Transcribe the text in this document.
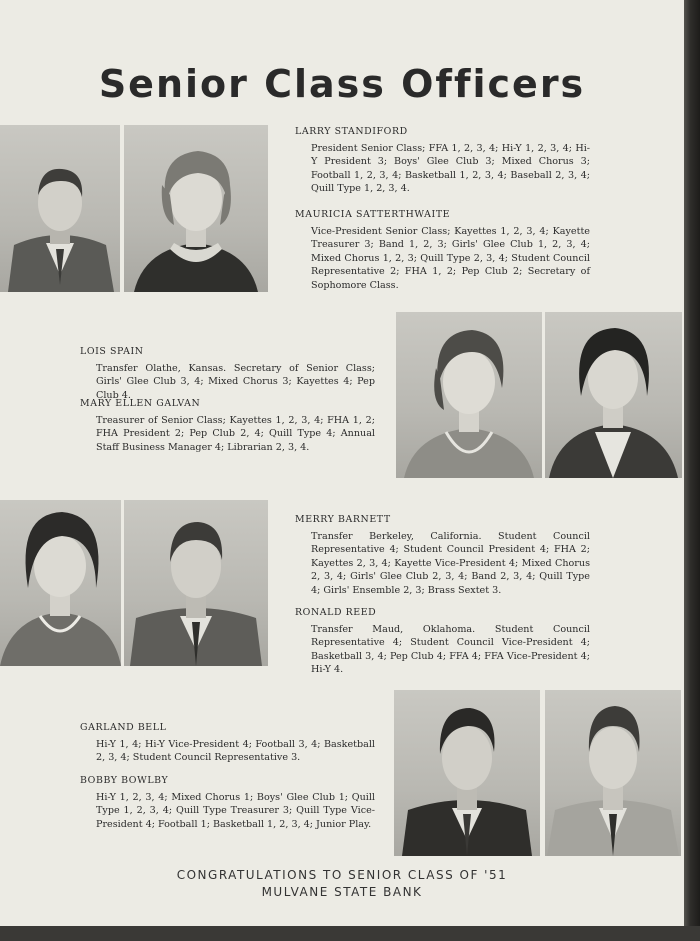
Senior Class Officers
LARRY STANDIFORD
President Senior Class; FFA 1, 2, 3, 4; Hi-Y 1, 2, 3, 4; Hi-Y President 3; Boys' Glee Club 3; Mixed Chorus 3; Football 1, 2, 3, 4; Basketball 1, 2, 3, 4; Baseball 2, 3, 4; Quill Type 1, 2, 3, 4.
MAURICIA SATTERTHWAITE
Vice-President Senior Class; Kayettes 1, 2, 3, 4; Kayette Treasurer 3; Band 1, 2, 3; Girls' Glee Club 1, 2, 3, 4; Mixed Chorus 1, 2, 3; Quill Type 2, 3, 4; Student Council Representative 2; FHA 1, 2; Pep Club 2; Secretary of Sophomore Class.
LOIS SPAIN
Transfer Olathe, Kansas. Secretary of Senior Class; Girls' Glee Club 3, 4; Mixed Chorus 3; Kayettes 4; Pep Club 4.
MARY ELLEN GALVAN
Treasurer of Senior Class; Kayettes 1, 2, 3, 4; FHA 1, 2; FHA President 2; Pep Club 2, 4; Quill Type 4; Annual Staff Business Manager 4; Librarian 2, 3, 4.
MERRY BARNETT
Transfer Berkeley, California. Student Council Representative 4; Student Council President 4; FHA 2; Kayettes 2, 3, 4; Kayette Vice-President 4; Mixed Chorus 2, 3, 4; Girls' Glee Club 2, 3, 4; Band 2, 3, 4; Quill Type 4; Girls' Ensemble 2, 3; Brass Sextet 3.
RONALD REED
Transfer Maud, Oklahoma. Student Council Representative 4; Student Council Vice-President 4; Basketball 3, 4; Pep Club 4; FFA 4; FFA Vice-President 4; Hi-Y 4.
GARLAND BELL
Hi-Y 1, 4; Hi-Y Vice-President 4; Football 3, 4; Basketball 2, 3, 4; Student Council Representative 3.
BOBBY BOWLBY
Hi-Y 1, 2, 3, 4; Mixed Chorus 1; Boys' Glee Club 1; Quill Type 1, 2, 3, 4; Quill Type Treasurer 3; Quill Type Vice-President 4; Football 1; Basketball 1, 2, 3, 4; Junior Play.
CONGRATULATIONS TO SENIOR CLASS OF '51
MULVANE STATE BANK
